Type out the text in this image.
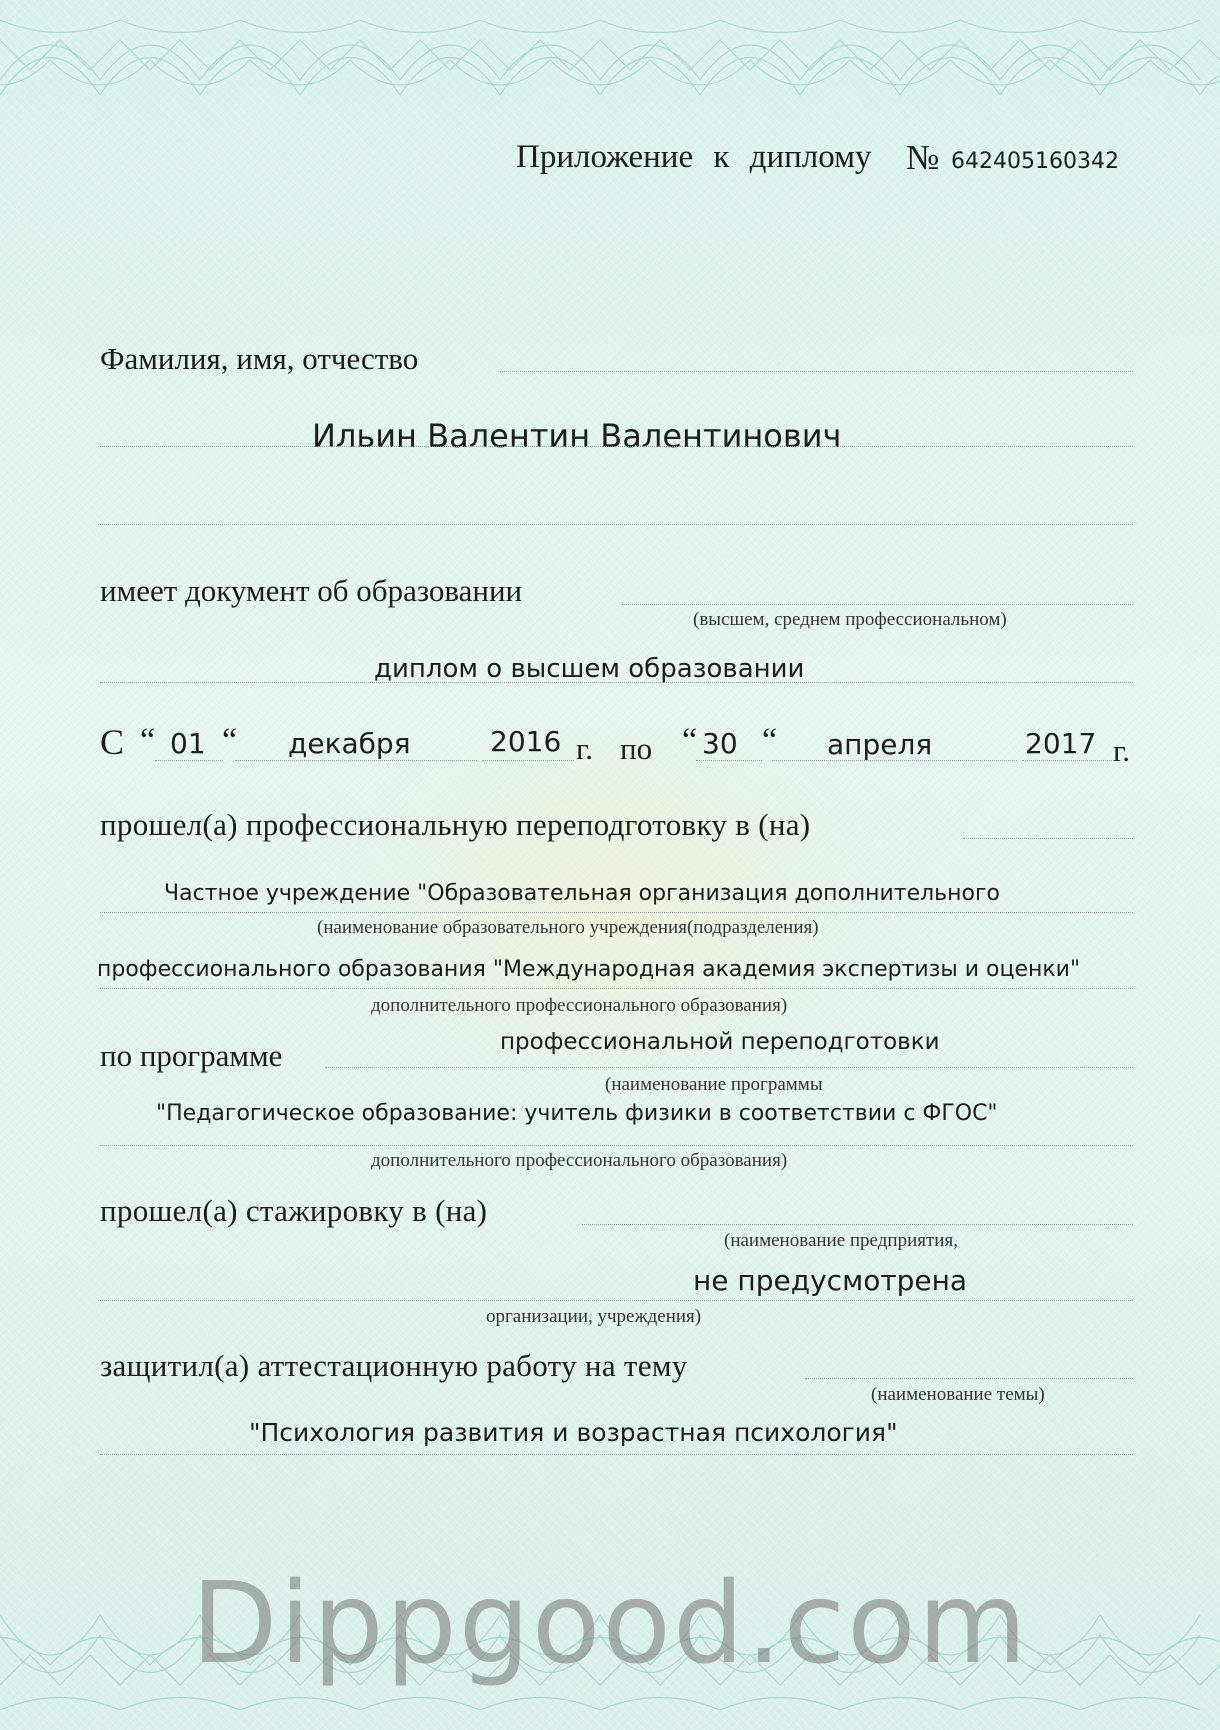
Приложение к диплому № 642405160342
Фамилия, имя, отчество
Ильин Валентин Валентинович
имеет документ об образовании
(высшем, среднем профессиональном)
диплом о высшем образовании
С “ 01 “ декабря	2016 г. по “ 30 “ апреля	2017 г.
прошел(а) профессиональную переподготовку в (на)
Частное учреждение "Образовательная организация дополнительного
(наименование образовательного учреждения(подразделения)
профессионального образования "Международная академия экспертизы и оценки"
дополнительного профессионального образования)
по программе	профессиональной переподготовки
(наименование программы
"Педагогическое образование: учитель физики в соответствии с ФГОС"
дополнительного профессионального образования)
прошел(а) стажировку в (на)
(наименование предприятия,
не предусмотрена
организации, учреждения)
защитил(а) аттестационную работу на тему
(наименование темы)
"Психология развития и возрастная психология"
Dippgood.com
